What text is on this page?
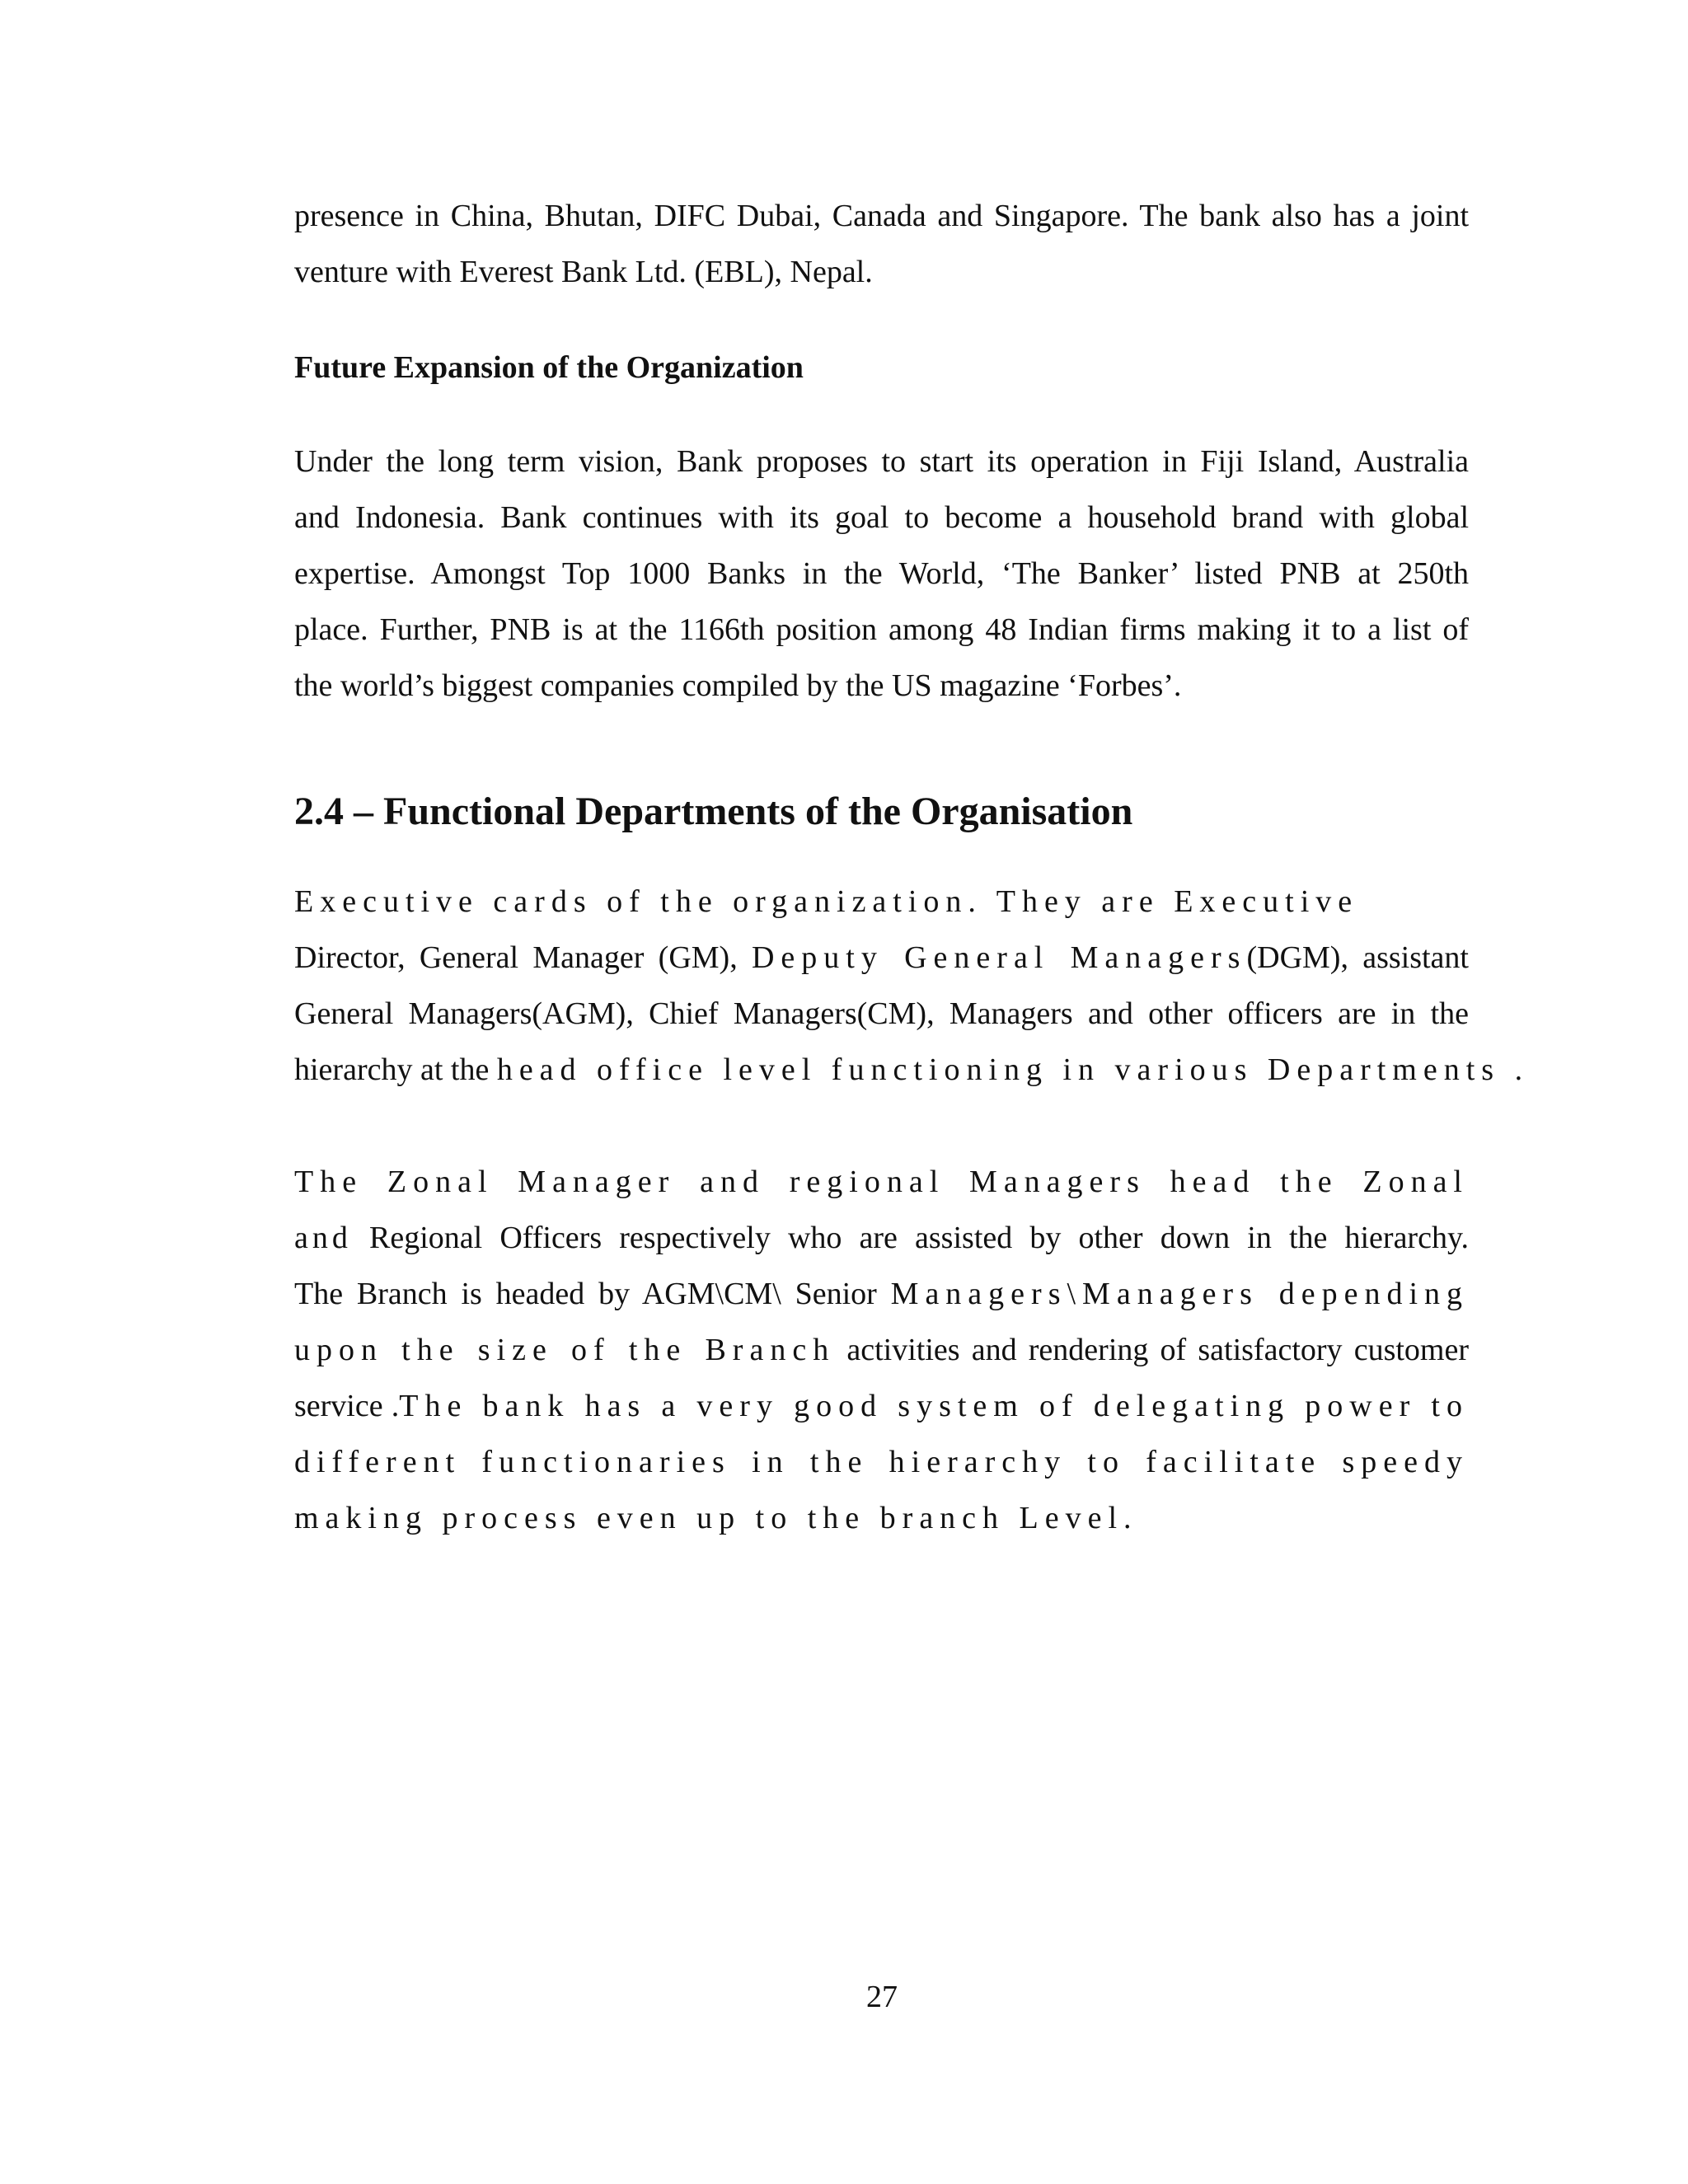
presence in China, Bhutan, DIFC Dubai, Canada and Singapore. The bank also has a joint
venture with Everest Bank Ltd. (EBL), Nepal.
Future Expansion of the Organization
Under the long term vision, Bank proposes to start its operation in Fiji Island, Australia
and Indonesia. Bank continues with its goal to become a household brand with global
expertise. Amongst Top 1000 Banks in the World, ‘The Banker’ listed PNB at 250th
place. Further, PNB is at the 1166th position among 48 Indian firms making it to a list of
the world’s biggest companies compiled by the US magazine ‘Forbes’.
2.4 – Functional Departments of the Organisation
Executive cards of the organization. They are Executive
Director, General Manager (GM), Deputy General Managers(DGM), assistant
General Managers(AGM), Chief Managers(CM), Managers and other officers are in the
hierarchy at the head office level functioning in various Departments .
The Zonal Manager and regional Managers head the Zonal
and Regional Officers respectively who are assisted by other down in the hierarchy.
The Branch is headed by AGM\CM\ Senior Managers\Managers depending
upon the size of the Branch activities and rendering of satisfactory customer
service .The bank has a very good system of delegating power to
different functionaries in the hierarchy to facilitate speedy
making process even up to the branch Level.
27
